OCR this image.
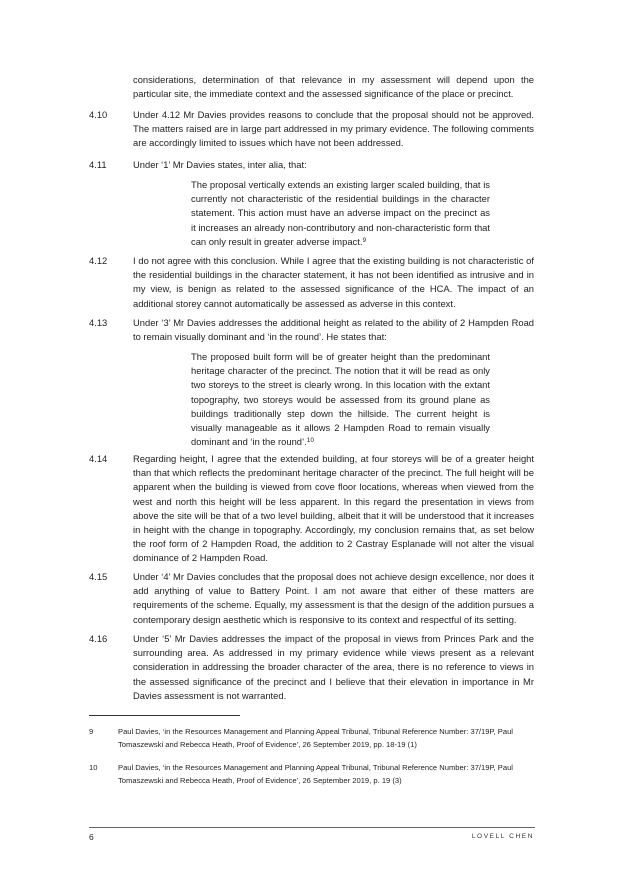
considerations, determination of that relevance in my assessment will depend upon the particular site, the immediate context and the assessed significance of the place or precinct.
4.10	Under 4.12 Mr Davies provides reasons to conclude that the proposal should not be approved. The matters raised are in large part addressed in my primary evidence. The following comments are accordingly limited to issues which have not been addressed.
4.11	Under ‘1’ Mr Davies states, inter alia, that:
The proposal vertically extends an existing larger scaled building, that is currently not characteristic of the residential buildings in the character statement. This action must have an adverse impact on the precinct as it increases an already non-contributory and non-characteristic form that can only result in greater adverse impact.$^9$
4.12	I do not agree with this conclusion. While I agree that the existing building is not characteristic of the residential buildings in the character statement, it has not been identified as intrusive and in my view, is benign as related to the assessed significance of the HCA. The impact of an additional storey cannot automatically be assessed as adverse in this context.
4.13	Under ‘3’ Mr Davies addresses the additional height as related to the ability of 2 Hampden Road to remain visually dominant and ‘in the round’. He states that:
The proposed built form will be of greater height than the predominant heritage character of the precinct. The notion that it will be read as only two storeys to the street is clearly wrong. In this location with the extant topography, two storeys would be assessed from its ground plane as buildings traditionally step down the hillside. The current height is visually manageable as it allows 2 Hampden Road to remain visually dominant and ‘in the round’.$^{10}$
4.14	Regarding height, I agree that the extended building, at four storeys will be of a greater height than that which reflects the predominant heritage character of the precinct. The full height will be apparent when the building is viewed from cove floor locations, whereas when viewed from the west and north this height will be less apparent. In this regard the presentation in views from above the site will be that of a two level building, albeit that it will be understood that it increases in height with the change in topography. Accordingly, my conclusion remains that, as set below the roof form of 2 Hampden Road, the addition to 2 Castray Esplanade will not alter the visual dominance of 2 Hampden Road.
4.15	Under ‘4’ Mr Davies concludes that the proposal does not achieve design excellence, nor does it add anything of value to Battery Point. I am not aware that either of these matters are requirements of the scheme. Equally, my assessment is that the design of the addition pursues a contemporary design aesthetic which is responsive to its context and respectful of its setting.
4.16	Under ‘5’ Mr Davies addresses the impact of the proposal in views from Princes Park and the surrounding area. As addressed in my primary evidence while views present as a relevant consideration in addressing the broader character of the area, there is no reference to views in the assessed significance of the precinct and I believe that their elevation in importance in Mr Davies assessment is not warranted.
9	Paul Davies, ‘in the Resources Management and Planning Appeal Tribunal, Tribunal Reference Number: 37/19P, Paul Tomaszewski and Rebecca Heath, Proof of Evidence’, 26 September 2019, pp. 18-19 (1)
10	Paul Davies, ‘in the Resources Management and Planning Appeal Tribunal, Tribunal Reference Number: 37/19P, Paul Tomaszewski and Rebecca Heath, Proof of Evidence’, 26 September 2019, p. 19 (3)
6	LOVELL CHEN
